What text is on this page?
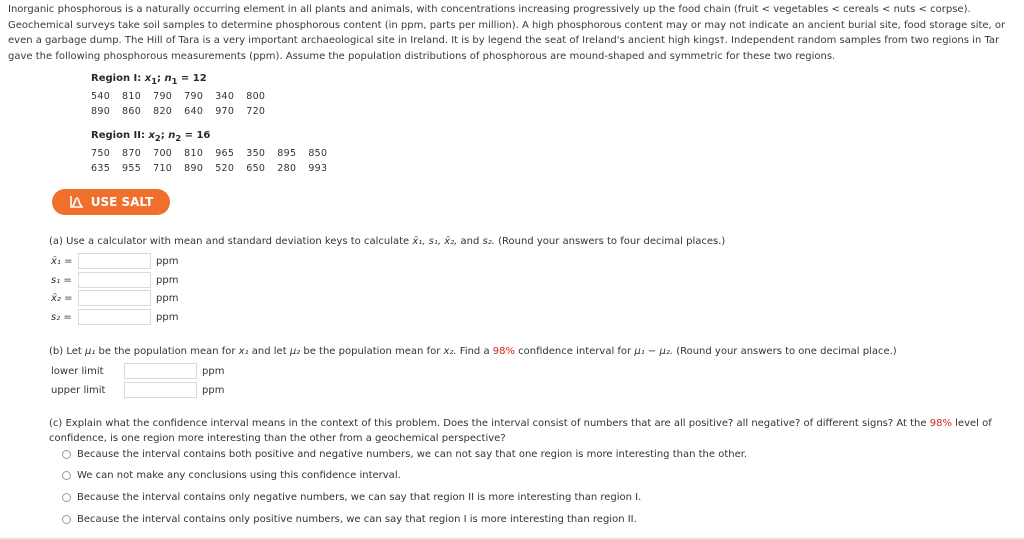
Inorganic phosphorous is a naturally occurring element in all plants and animals, with concentrations increasing progressively up the food chain (fruit < vegetables < cereals < nuts < corpse).
Geochemical surveys take soil samples to determine phosphorous content (in ppm, parts per million). A high phosphorous content may or may not indicate an ancient burial site, food storage site, or
even a garbage dump. The Hill of Tara is a very important archaeological site in Ireland. It is by legend the seat of Ireland's ancient high kings†. Independent random samples from two regions in Tar
gave the following phosphorous measurements (ppm). Assume the population distributions of phosphorous are mound-shaped and symmetric for these two regions.
Region I: $x_1$; $n_1 = 12$
540 810 790 790 340 800
890 860 820 640 970 720
Region II: $x_2$; $n_2 = 16$
750 870 700 810 965 350 895 850
635 955 710 890 520 650 280 993
USE SALT
(a) Use a calculator with mean and standard deviation keys to calculate x̄₁, s₁, x̄₂, and s₂. (Round your answers to four decimal places.)
x̄₁ =	ppm
s₁ =	ppm
x̄₂ =	ppm
s₂ =	ppm
(b) Let μ₁ be the population mean for x₁ and let μ₂ be the population mean for x₂. Find a 98% confidence interval for μ₁ − μ₂. (Round your answers to one decimal place.)
lower limit	ppm
upper limit	ppm
(c) Explain what the confidence interval means in the context of this problem. Does the interval consist of numbers that are all positive? all negative? of different signs? At the 98% level of
confidence, is one region more interesting than the other from a geochemical perspective?
Because the interval contains both positive and negative numbers, we can not say that one region is more interesting than the other.
We can not make any conclusions using this confidence interval.
Because the interval contains only negative numbers, we can say that region II is more interesting than region I.
Because the interval contains only positive numbers, we can say that region I is more interesting than region II.
